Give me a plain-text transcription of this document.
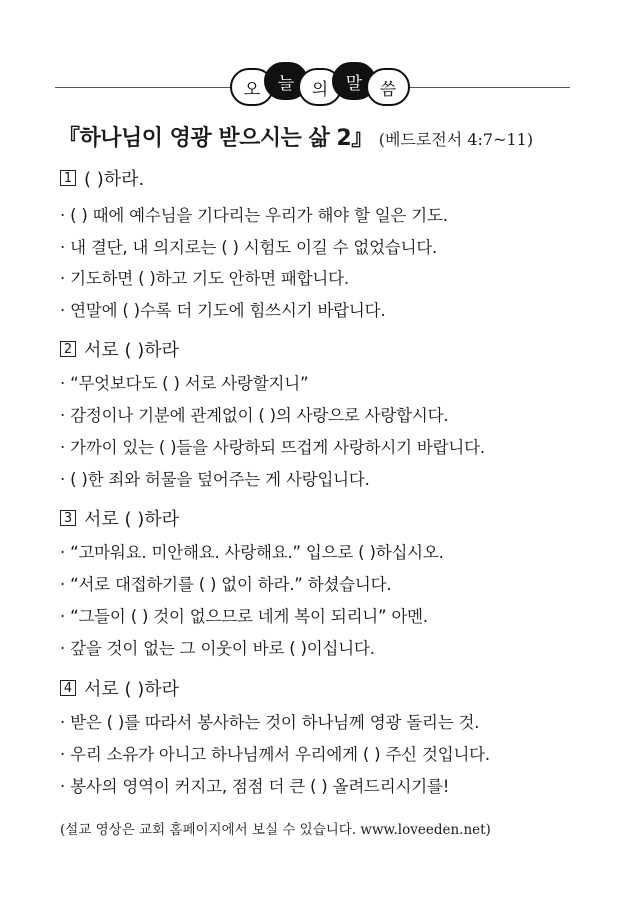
오	늘	의	말	씀
『하나님이 영광 받으시는 삶 2』 (베드로전서 4:7~11)
1 ( )하라.
· ( ) 때에 예수님을 기다리는 우리가 해야 할 일은 기도.
· 내 결단, 내 의지로는 ( ) 시험도 이길 수 없었습니다.
· 기도하면 ( )하고 기도 안하면 패합니다.
· 연말에 ( )수록 더 기도에 힘쓰시기 바랍니다.
2 서로 ( )하라
· “무엇보다도 ( ) 서로 사랑할지니”
· 감정이나 기분에 관계없이 ( )의 사랑으로 사랑합시다.
· 가까이 있는 ( )들을 사랑하되 뜨겁게 사랑하시기 바랍니다.
· ( )한 죄와 허물을 덮어주는 게 사랑입니다.
3 서로 ( )하라
· “고마워요. 미안해요. 사랑해요.” 입으로 ( )하십시오.
· “서로 대접하기를 ( ) 없이 하라.” 하셨습니다.
· “그들이 ( ) 것이 없으므로 네게 복이 되리니” 아멘.
· 갚을 것이 없는 그 이웃이 바로 ( )이십니다.
4 서로 ( )하라
· 받은 ( )를 따라서 봉사하는 것이 하나님께 영광 돌리는 것.
· 우리 소유가 아니고 하나님께서 우리에게 ( ) 주신 것입니다.
· 봉사의 영역이 커지고, 점점 더 큰 ( ) 올려드리시기를!
(설교 영상은 교회 홈페이지에서 보실 수 있습니다. www.loveeden.net)
